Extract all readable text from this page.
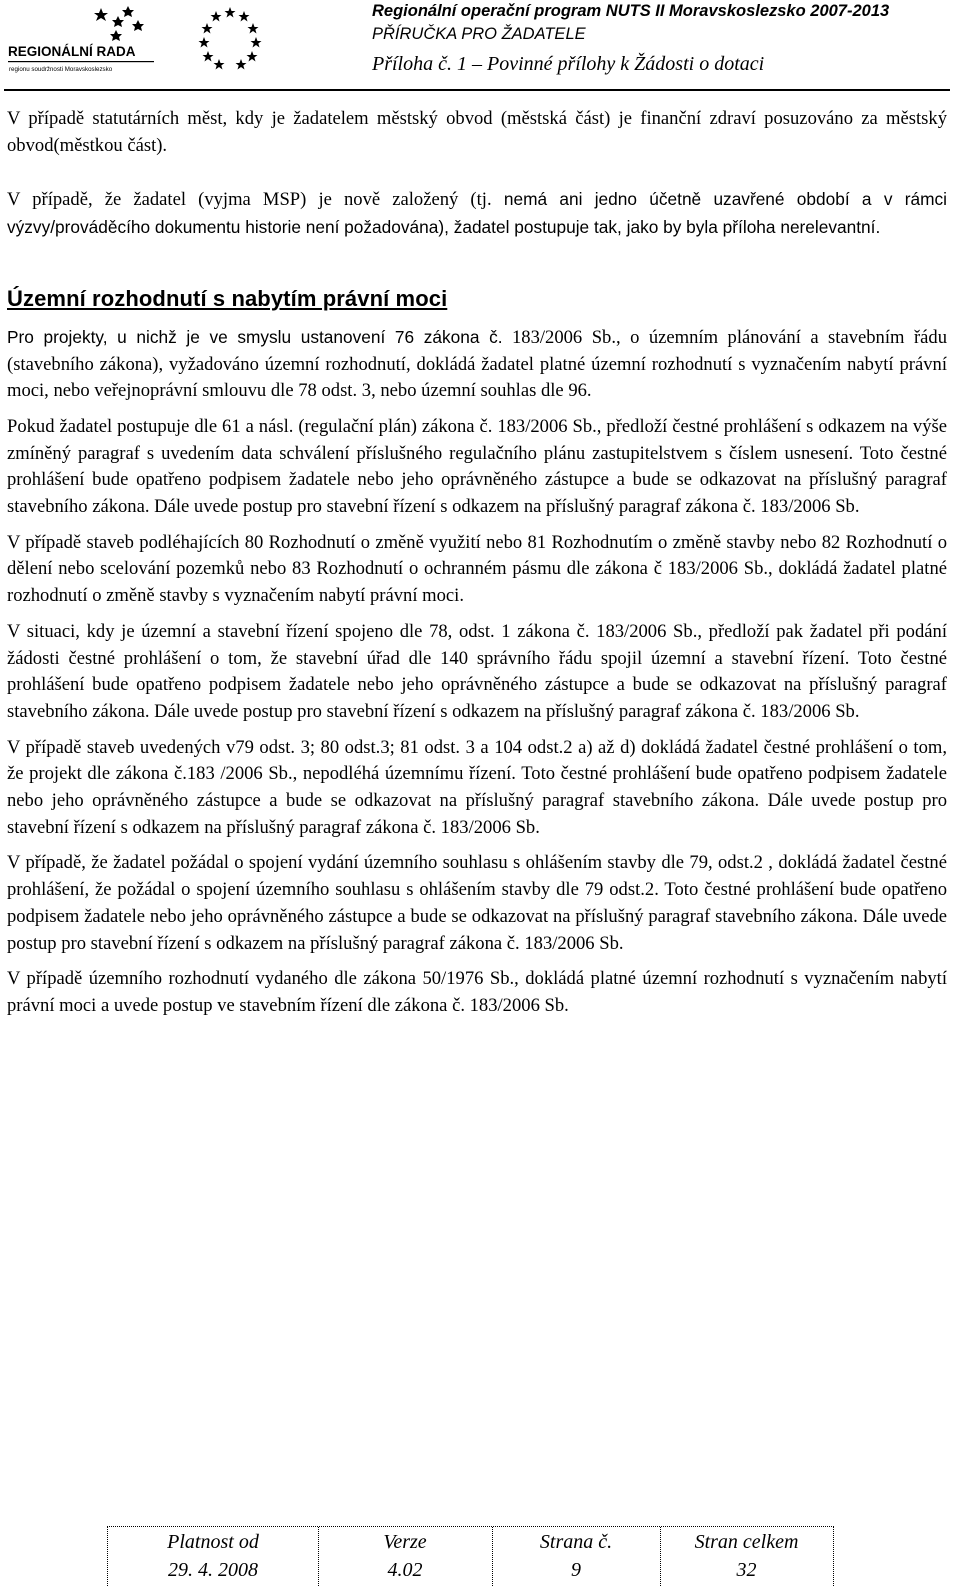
REGIONÁLNÍ RADA
regionu soudržnosti Moravskoslezsko
Regionální operační program NUTS II Moravskoslezsko 2007-2013
PŘÍRUČKA PRO ŽADATELE
Příloha č. 1 – Povinné přílohy k Žádosti o dotaci

V případě statutárních měst, kdy je žadatelem městský obvod (městská část) je finanční zdraví posuzováno za městský obvod(městkou část).

V případě, že žadatel (vyjma MSP) je nově založený (tj. nemá ani jedno účetně uzavřené období a v rámci výzvy/prováděcího dokumentu historie není požadována), žadatel postupuje tak, jako by byla příloha nerelevantní.

Územní rozhodnutí s nabytím právní moci

Pro projekty, u nichž je ve smyslu ustanovení 76 zákona č. 183/2006 Sb., o územním plánování a stavebním řádu (stavebního zákona), vyžadováno územní rozhodnutí, dokládá žadatel platné územní rozhodnutí s vyznačením nabytí právní moci, nebo veřejnoprávní smlouvu dle 78 odst. 3, nebo územní souhlas dle 96.

Pokud žadatel postupuje dle 61 a násl. (regulační plán) zákona č. 183/2006 Sb., předloží čestné prohlášení s odkazem na výše zmíněný paragraf s uvedením data schválení příslušného regulačního plánu zastupitelstvem s číslem usnesení. Toto čestné prohlášení bude opatřeno podpisem žadatele nebo jeho oprávněného zástupce a bude se odkazovat na příslušný paragraf stavebního zákona. Dále uvede postup pro stavební řízení s odkazem na příslušný paragraf zákona č. 183/2006 Sb.

V případě staveb podléhajících 80 Rozhodnutí o změně využití nebo 81 Rozhodnutím o změně stavby nebo 82 Rozhodnutí o dělení nebo scelování pozemků nebo 83 Rozhodnutí o ochranném pásmu dle zákona č 183/2006 Sb., dokládá žadatel platné rozhodnutí o změně stavby s vyznačením nabytí právní moci.

V situaci, kdy je územní a stavební řízení spojeno dle 78, odst. 1 zákona č. 183/2006 Sb., předloží pak žadatel při podání žádosti čestné prohlášení o tom, že stavební úřad dle 140 správního řádu spojil územní a stavební řízení. Toto čestné prohlášení bude opatřeno podpisem žadatele nebo jeho oprávněného zástupce a bude se odkazovat na příslušný paragraf stavebního zákona. Dále uvede postup pro stavební řízení s odkazem na příslušný paragraf zákona č. 183/2006 Sb.

V případě staveb uvedených v79 odst. 3; 80 odst.3; 81 odst. 3 a 104 odst.2 a) až d) dokládá žadatel čestné prohlášení o tom, že projekt dle zákona č.183 /2006 Sb., nepodléhá územnímu řízení. Toto čestné prohlášení bude opatřeno podpisem žadatele nebo jeho oprávněného zástupce a bude se odkazovat na příslušný paragraf stavebního zákona. Dále uvede postup pro stavební řízení s odkazem na příslušný paragraf zákona č. 183/2006 Sb.

V případě, že žadatel požádal o spojení vydání územního souhlasu s ohlášením stavby dle 79, odst.2 , dokládá žadatel čestné prohlášení, že požádal o spojení územního souhlasu s ohlášením stavby dle 79 odst.2. Toto čestné prohlášení bude opatřeno podpisem žadatele nebo jeho oprávněného zástupce a bude se odkazovat na příslušný paragraf stavebního zákona. Dále uvede postup pro stavební řízení s odkazem na příslušný paragraf zákona č. 183/2006 Sb.

V případě územního rozhodnutí vydaného dle zákona 50/1976 Sb., dokládá platné územní rozhodnutí s vyznačením nabytí právní moci a uvede postup ve stavebním řízení dle zákona č. 183/2006 Sb.

Platnost od
29. 4. 2008
Verze
4.02
Strana č.
9
Stran celkem
32
